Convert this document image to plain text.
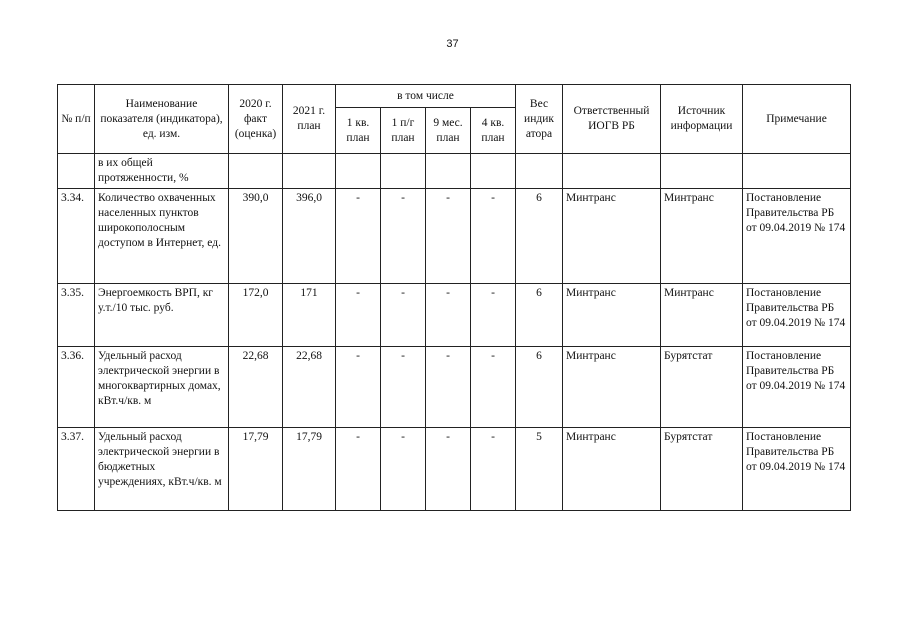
37
№ п/п	Наименование показателя (индикатора), ед. изм.	2020 г. факт (оценка)	2021 г. план	в том числе				Вес индик атора	Ответственный ИОГВ РБ	Источник информации	Примечание
				1 кв. план	1 п/г план	9 мес. план	4 кв. план				
	в их общей протяженности, %										
3.34.	Количество охваченных населенных пунктов широкополосным доступом в Интернет, ед.	390,0	396,0	-	-	-	-	6	Минтранс	Минтранс	Постановление Правительства РБ от 09.04.2019 № 174
3.35.	Энергоемкость ВРП, кг у.т./10 тыс. руб.	172,0	171	-	-	-	-	6	Минтранс	Минтранс	Постановление Правительства РБ от 09.04.2019 № 174
3.36.	Удельный расход электрической энергии в многоквартирных домах, кВт.ч/кв. м	22,68	22,68	-	-	-	-	6	Минтранс	Бурятстат	Постановление Правительства РБ от 09.04.2019 № 174
3.37.	Удельный расход электрической энергии в бюджетных учреждениях, кВт.ч/кв. м	17,79	17,79	-	-	-	-	5	Минтранс	Бурятстат	Постановление Правительства РБ от 09.04.2019 № 174
